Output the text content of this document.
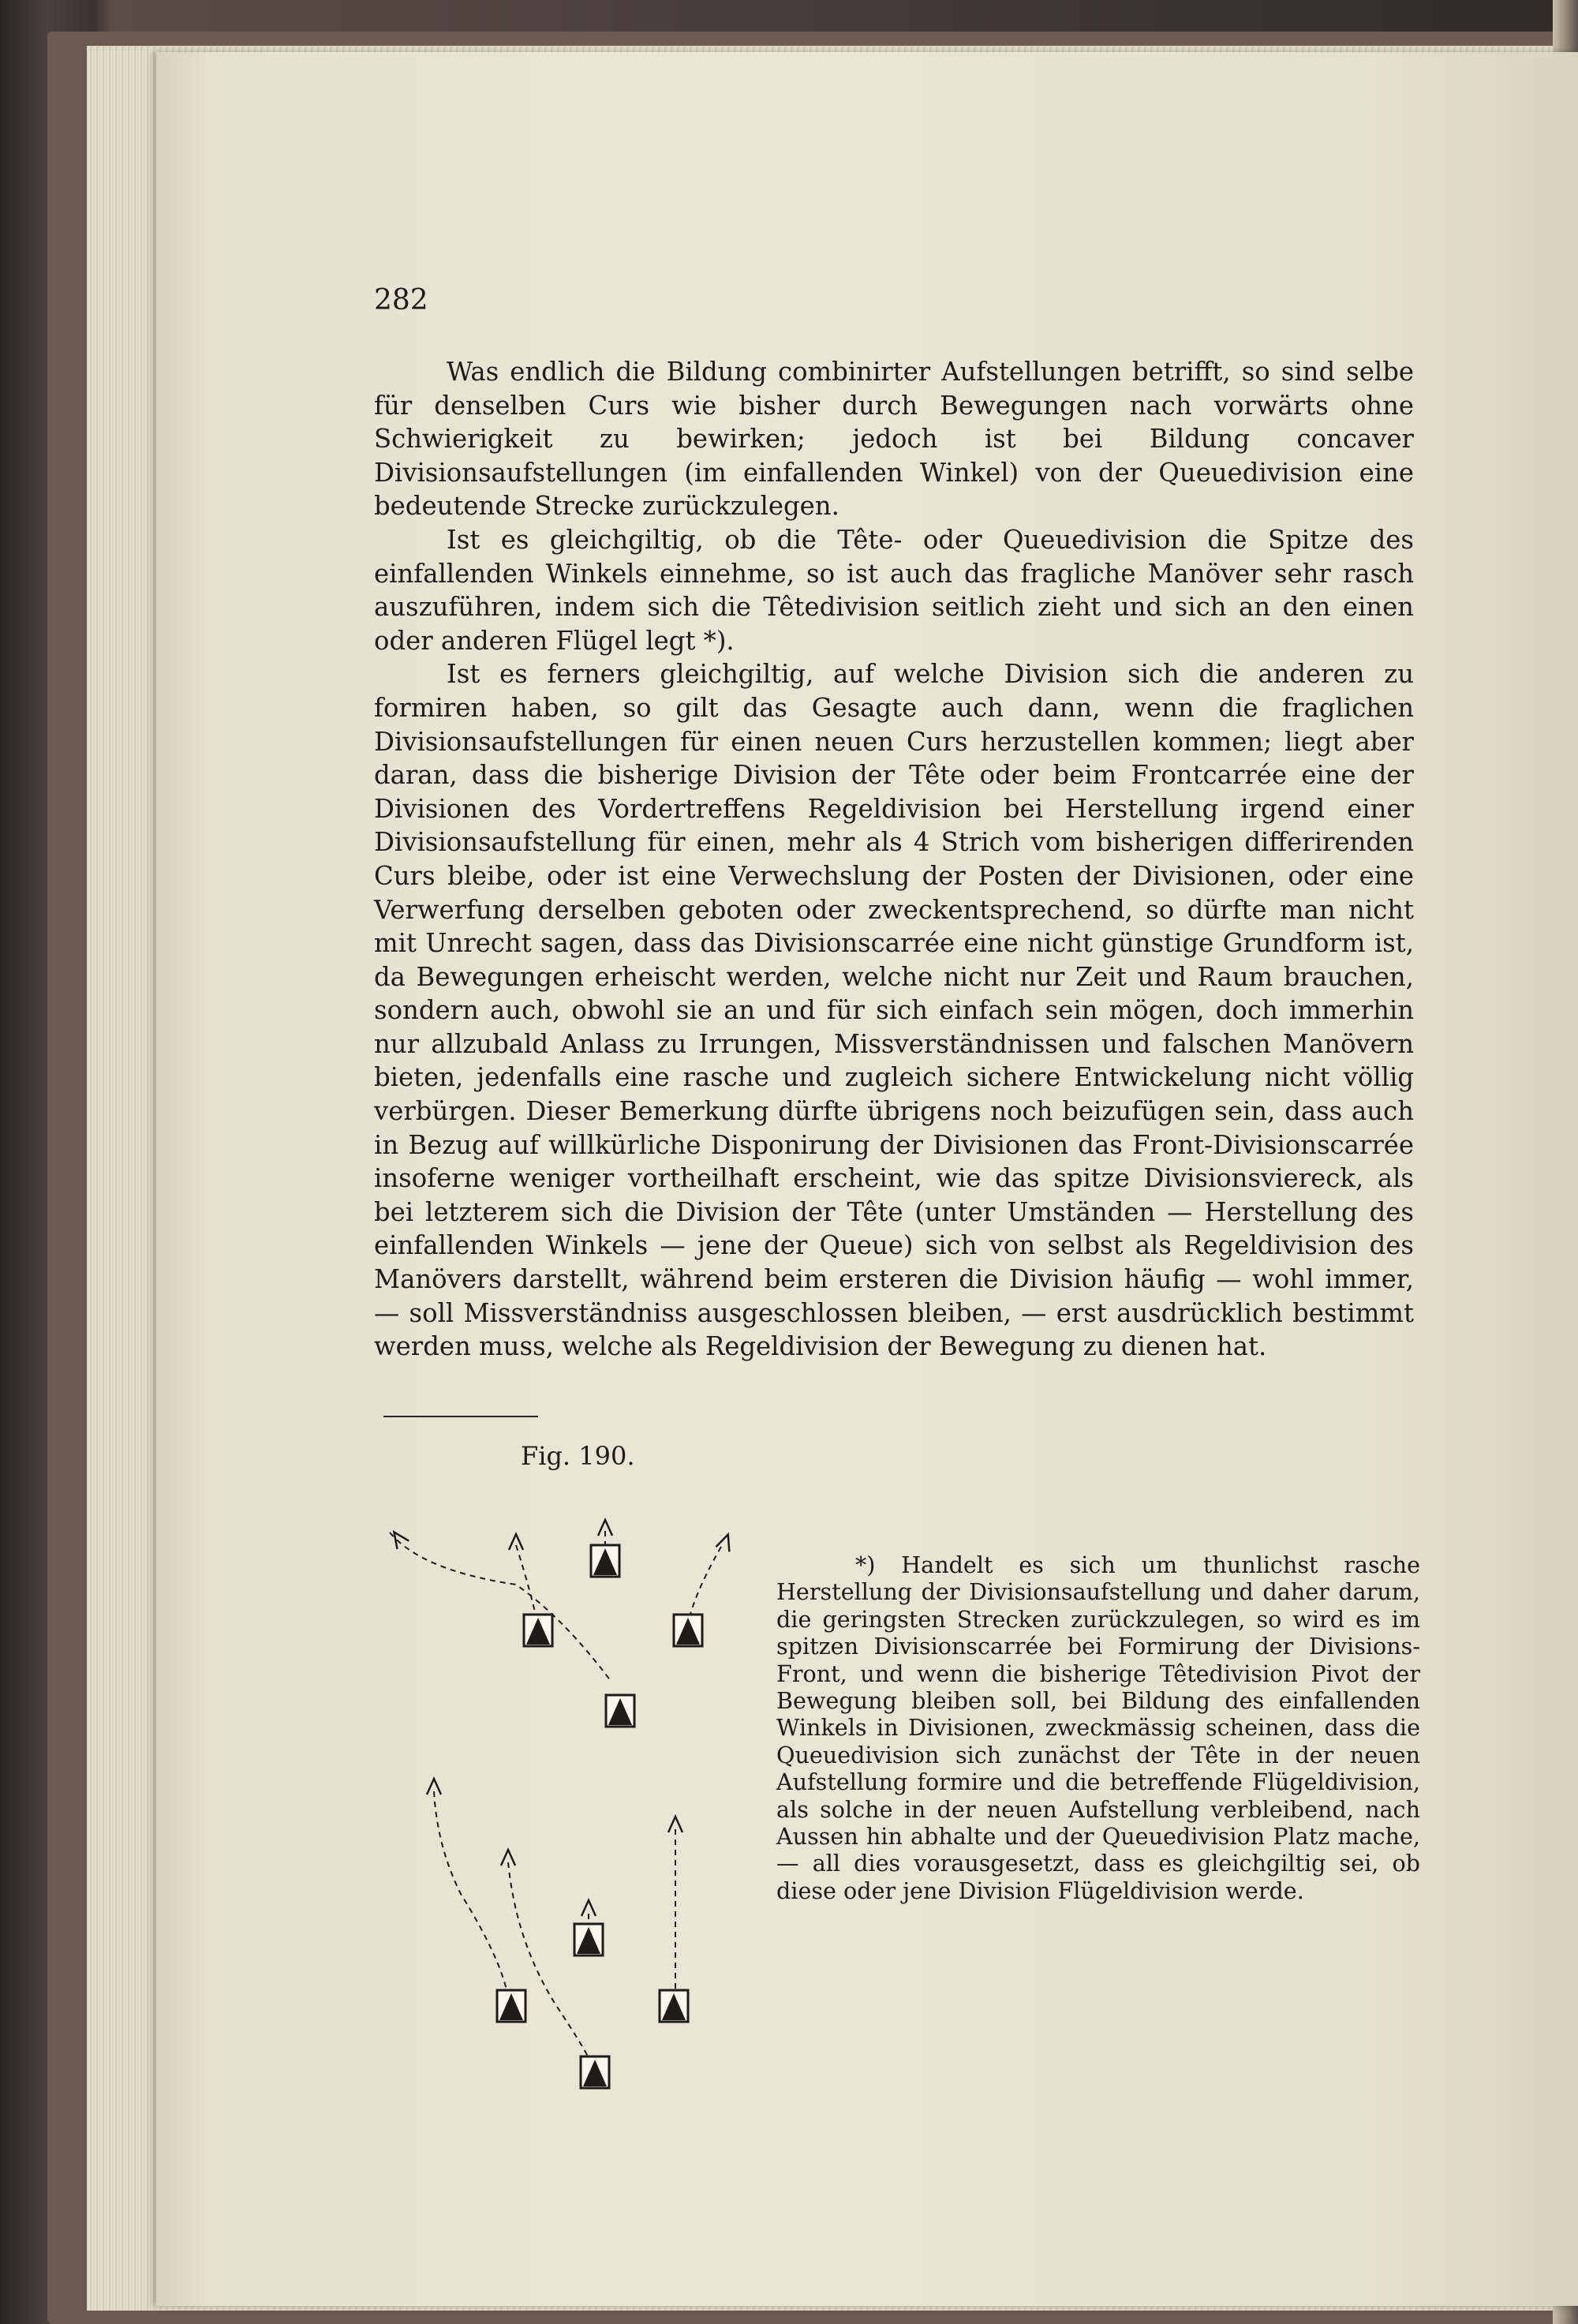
282

Was endlich die Bildung combinirter Aufstellungen betrifft, so sind selbe für denselben Curs wie bisher durch Bewegungen nach vorwärts ohne Schwierigkeit zu bewirken; jedoch ist bei Bildung concaver Divisionsaufstellungen (im einfallenden Winkel) von der Queuedivision eine bedeutende Strecke zurückzulegen.

Ist es gleichgiltig, ob die Tête- oder Queuedivision die Spitze des einfallenden Winkels einnehme, so ist auch das fragliche Manöver sehr rasch auszuführen, indem sich die Têtedivision seitlich zieht und sich an den einen oder anderen Flügel legt *).

Ist es ferners gleichgiltig, auf welche Division sich die anderen zu formiren haben, so gilt das Gesagte auch dann, wenn die fraglichen Divisionsaufstellungen für einen neuen Curs herzustellen kommen; liegt aber daran, dass die bisherige Division der Tête oder beim Frontcarrée eine der Divisionen des Vordertreffens Regeldivision bei Herstellung irgend einer Divisionsaufstellung für einen, mehr als 4 Strich vom bisherigen differirenden Curs bleibe, oder ist eine Verwechslung der Posten der Divisionen, oder eine Verwerfung derselben geboten oder zweckentsprechend, so dürfte man nicht mit Unrecht sagen, dass das Divisionscarrée eine nicht günstige Grundform ist, da Bewegungen erheischt werden, welche nicht nur Zeit und Raum brauchen, sondern auch, obwohl sie an und für sich einfach sein mögen, doch immerhin nur allzubald Anlass zu Irrungen, Missverständnissen und falschen Manövern bieten, jedenfalls eine rasche und zugleich sichere Entwickelung nicht völlig verbürgen. Dieser Bemerkung dürfte übrigens noch beizufügen sein, dass auch in Bezug auf willkürliche Disponirung der Divisionen das Front-Divisionscarrée insoferne weniger vortheilhaft erscheint, wie das spitze Divisionsviereck, als bei letzterem sich die Division der Tête (unter Umständen — Herstellung des einfallenden Winkels — jene der Queue) sich von selbst als Regeldivision des Manövers darstellt, während beim ersteren die Division häufig — wohl immer, — soll Missverständniss ausgeschlossen bleiben, — erst ausdrücklich bestimmt werden muss, welche als Regeldivision der Bewegung zu dienen hat.

Fig. 190.

*) Handelt es sich um thunlichst rasche Herstellung der Divisionsaufstellung und daher darum, die geringsten Strecken zurückzulegen, so wird es im spitzen Divisionscarrée bei Formirung der Divisions-Front, und wenn die bisherige Têtedivision Pivot der Bewegung bleiben soll, bei Bildung des einfallenden Winkels in Divisionen, zweckmässig scheinen, dass die Queuedivision sich zunächst der Tête in der neuen Aufstellung formire und die betreffende Flügeldivision, als solche in der neuen Aufstellung verbleibend, nach Aussen hin abhalte und der Queuedivision Platz mache, — all dies vorausgesetzt, dass es gleichgiltig sei, ob diese oder jene Division Flügeldivision werde.
